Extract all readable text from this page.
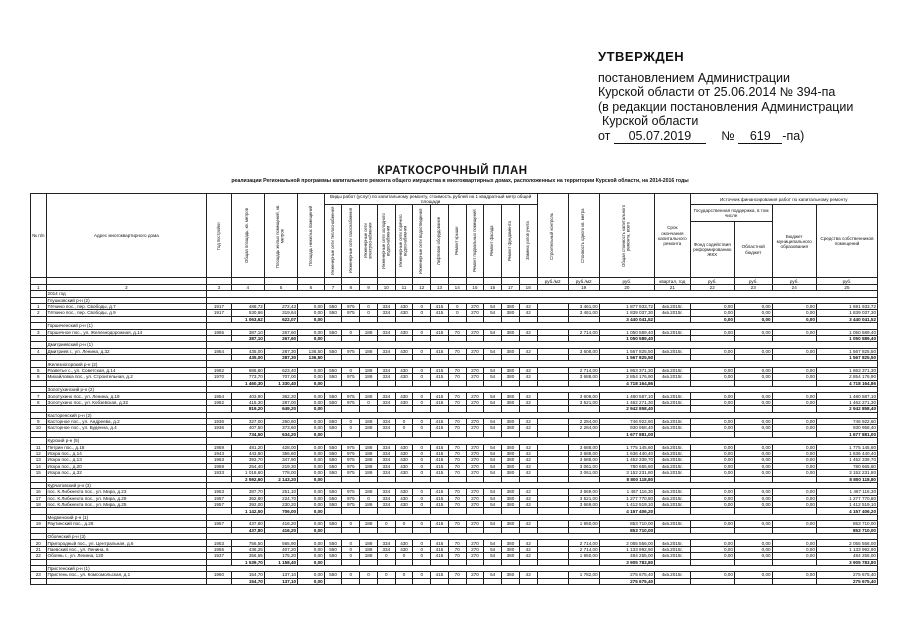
УТВЕРЖДЕН
постановлением Администрации
Курской области от 25.06.2014 № 394-па
(в редакции постановления Администрации
Курской области
от 05.07.2019 № 619 -па)
КРАТКОСРОЧНЫЙ ПЛАН
реализации Региональной программы капитального ремонта общего имущества в многоквартирных домах, расположенных на территории Курской области, на 2014-2016 годы
№ п/п	Адрес многоквартирного дома	Год постройки	Общая площадь, кв. метров	Площадь жилых помещений, кв. метров	Площадь нежилых помещений	Виды работ (услуг) по капитальному ремонту, стоимость рублей на 1 квадратный метр общей площади												Строительный контроль	Стоимость одного кв. метра	Общая стоимость капитального ремонта, всего	Срок окончания капитального ремонта	Источник финансирования работ по капитальному ремонту			

						Инженерные сети теплоснабжения	Инженерные сети газоснабжения	Инженерные сети электроснабжения	Инженерные сети холодного водоснабжения	Инженерные сети горячего водоснабжения	Инженерные сети водоотведения	Лифтовое оборудование	Ремонт крыши	Ремонт подвальных помещений	Ремонт фасада	Ремонт фундамента	Замена узлов учета					Государственная поддержка, в том числе		Бюджет муниципального образования	Средства собственников помещений
																						Фонд содействия реформированию ЖКХ	Областной бюджет		
																		руб./м2	руб./м2	руб.	квартал, год	руб.	руб.	руб.	руб.
1	2	3	4	5	6	7	8	9	10	11	12	13	14	15	16	17	18		19	20	21	22	23	24	25
	2014 год																								
	Глушковский р-н (2)																								
1	Тёткино пос., пер. Свободы, д.7	1917	488,72	272,43	0,00	550	975	0	334	430	0	415	0	270	54	380	42		3 461,00	1 877 933,72	4кв.2015г.	0,00	0,00	0,00	1 691 933,72
2	Тёткино пос., пер. Свободы, д.9	1917	530,66	319,64	0,00	550	975	0	334	430	0	415	0	270	54	380	42		3 461,00	1 839 037,30	4кв.2015г.	0,00	0,00	0,00	1 839 037,30
			1 063,62	622,07	0,00															3 440 041,52		0,00	0,00	0,00	3 440 041,52
	Горшеченский р-н (1)																								
3	Горшечное пос., ул. Железнодорожная, д.14	1955	387,10	267,60	0,00	550	0	188	334	430	0	415	70	270	54	380	42		2 714,00	1 050 589,40	4кв.2015г.	0,00	0,00	0,00	1 050 589,40
			387,10	267,60	0,00															1 050 589,40					1 050 589,40
	Дмитриевский р-н (1)																								
4	Дмитриев г., ул. Ленина, д.32	1954	435,00	287,30	136,50	550	975	188	334	430	0	415	70	270	54	380	42		3 608,00	1 567 825,50	4кв.2015г.	0,00	0,00	0,00	1 567 825,50
			435,00	287,30	136,50															1 567 825,50					1 567 825,50
	Железногорский р-н (2)																								
5	Разветье с., ул. Советская, д.14	1962	686,60	623,40	0,00	550	0	188	334	430	0	415	70	270	54	380	42		2 714,00	1 863 371,30	4кв.2015г.	0,00	0,00	0,00	1 863 371,30
6	Михайловка пос., ул. Строительная, д.2	1970	773,70	707,00	0,00	550	975	188	334	430	0	415	70	270	54	380	42		3 688,00	2 854 176,90	4кв.2015г.	0,00	0,00	0,00	2 854 176,90
			1 460,30	1 330,40	0,00															4 718 164,86					4 718 164,86
	Золотухинский р-н (2)																								
7	Золотухино пос., ул. Ленина, д.19	1954	403,90	362,20	0,00	550	975	188	334	430	0	415	70	270	54	380	42		3 608,00	1 480 587,10	4кв.2015г.	0,00	0,00	0,00	1 480 587,10
8	Золотухино пос., ул. Кобзевская, д.32	1962	415,30	287,00	0,00	550	975	0	334	430	0	415	70	270	54	380	42		3 521,00	1 462 271,30	4кв.2015г.	0,00	0,00	0,00	1 462 271,30
			819,20	649,20	0,00															2 942 858,40					2 942 858,40
	Касторенский р-н (2)																								
9	Касторное пос., ул. Андреева, д.2	1936	327,00	260,60	0,00	550	0	188	334	0	0	415	70	270	54	380	42		2 284,00	746 922,60	4кв.2015г.	0,00	0,00	0,00	746 922,60
10	Касторное пос., ул. Буденна, д.4	1936	407,50	373,60	0,00	550	0	188	334	0	0	415	70	270	54	380	42		2 284,00	930 958,40	4кв.2015г.	0,00	0,00	0,00	930 958,40
			734,50	634,20	0,00															1 677 881,00					1 677 881,00
	Курский р-н (5)																								
11	Петрин пос., д.18	1959	481,20	428,00	0,00	550	975	188	334	430	0	415	70	270	54	380	42		3 688,00	1 775 145,60	4кв.2015г.	0,00	0,00	0,00	1 775 145,60
12	Искра пос., д.14	1943	443,80	356,60	0,00	550	975	188	334	430	0	415	70	270	54	380	42		3 688,00	1 636 440,40	4кв.2015г.	0,00	0,00	0,00	1 636 440,40
13	Искра пос., д.13	1963	393,70	347,90	0,00	550	975	188	334	430	0	415	70	270	54	380	42		3 688,00	1 452 339,70	4кв.2015г.	0,00	0,00	0,00	1 452 339,70
14	Искра пос., д.20	1958	254,40	219,30	0,00	550	975	188	334	430	0	415	70	270	54	380	42		3 061,00	780 665,60	4кв.2015г.	0,00	0,00	0,00	780 665,60
15	Искра пос., д.32	1933	1 018,60	778,00	0,00	550	975	188	334	430	0	415	70	270	54	380	42		3 061,00	3 152 231,80	4кв.2015г.	0,00	0,00	0,00	3 152 231,80
			2 592,60	2 143,20	0,00															8 800 118,80					8 800 118,80
	Курчатовский р-н (3)																								
16	пос. К.Либкнехта пос., ул. Мира, д.23	1953	387,70	251,10	0,00	550	975	188	334	430	0	415	70	270	54	380	42		3 669,00	1 467 116,30	4кв.2015г.	0,00	0,00	0,00	1 467 116,30
17	пос. К.Либкнехта пос., ул. Мира, д.29	1957	362,80	224,70	0,00	550	975	0	334	430	0	415	70	270	54	380	42		3 521,00	1 277 770,80	4кв.2015г.	0,00	0,00	0,00	1 277 770,80
18	пос. К.Либкнехта пос., ул. Мира, д.25	1957	392,00	230,20	0,00	550	975	188	334	430	0	415	70	270	54	380	42		3 669,00	1 412 519,10	4кв.2015г.	0,00	0,00	0,00	1 412 519,10
			1 142,50	706,00	0,00															4 157 406,20					4 157 406,20
	Медвенский р-н (1)																								
19	Раутинский пос., д.28	1957	437,80	416,20	0,00	550	0	188	0	0	0	415	70	270	54	380	42		1 950,00	853 710,00	4кв.2015г.	0,00	0,00	0,00	853 710,00
			437,80	416,20	0,00															853 710,00					853 710,00
	Обоянский р-н (3)																								
20	Пригородный пос., ул. Центральная, д.6	1953	756,50	565,90	0,00	550	0	188	334	430	0	415	70	270	54	380	42		2 714,00	2 055 556,00	4кв.2015г.	0,00	0,00	0,00	2 055 556,00
21	Паевский пос., ул. Ленина, 6	1955	436,25	407,20	0,00	550	0	188	334	430	0	415	70	270	54	380	42		2 714,00	1 133 992,90	4кв.2015г.	0,00	0,00	0,00	1 133 992,90
22	Обоянь г., ул. Ленина, 120	1937	356,55	175,20	0,00	550	0	188	0	0	0	415	70	270	54	380	42		1 950,00	484 255,00	4кв.2015г.	0,00	0,00	0,00	484 255,00
			1 539,70	1 158,40	0,00															3 905 783,80					3 905 783,80
	Пристенский р-н (1)																								
23	Пристень пос., ул. Комсомольская, д.1	1960	154,70	137,10	0,00	550	0	0	0	0	0	415	70	270	54	380	42		1 782,00	275 675,40	4кв.2015г.	0,00	0,00	0,00	275 675,40
			154,70	137,10	0,00															275 675,40					275 675,40
